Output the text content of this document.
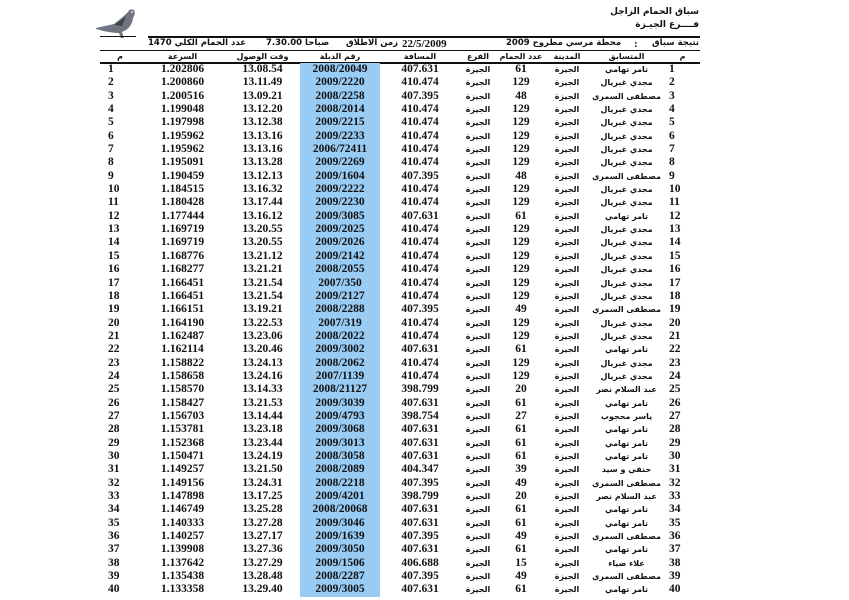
سباق الحمام الزاجل
فــــرع الجيـزة
نتيجة سباق
:
محطة مرسي مطروح 2009
22/5/2009
زمن الاطلاق
7.30.00 صباحا
عدد الحمام الكلي 1470
م	السرعة	وقت الوصول	رقم الدبلة	المسافة	الفرع	عدد الحمام	المدينة	المتسابق	م
1	1.202806	13.08.54	2008/20049	407.631	الجيزة	61	الجيزة	تامر تهامي	1
2	1.200860	13.11.49	2009/2220	410.474	الجيزة	129	الجيزة	مجدي غبريال	2
3	1.200516	13.09.21	2008/2258	407.395	الجيزة	48	الجيزة	مصطفى السمري 3
4	1.199048	13.12.20	2008/2014	410.474	الجيزة	129	الجيزة	مجدي غبريال	4
5	1.197998	13.12.38	2009/2215	410.474	الجيزة	129	الجيزة	مجدي غبريال	5
6	1.195962	13.13.16	2009/2233	410.474	الجيزة	129	الجيزة	مجدي غبريال	6
7	1.195962	13.13.16	2006/72411	410.474	الجيزة	129	الجيزة	مجدي غبريال	7
8	1.195091	13.13.28	2009/2269	410.474	الجيزة	129	الجيزة	مجدي غبريال	8
9	1.190459	13.12.13	2009/1604	407.395	الجيزة	48	الجيزة	مصطفى السمري 9
10	1.184515	13.16.32	2009/2222	410.474	الجيزة	129	الجيزة	مجدي غبريال	10
11	1.180428	13.17.44	2009/2230	410.474	الجيزة	129	الجيزة	مجدي غبريال	11
12	1.177444	13.16.12	2009/3085	407.631	الجيزة	61	الجيزة	تامر تهامي	12
13	1.169719	13.20.55	2009/2025	410.474	الجيزة	129	الجيزة	مجدي غبريال	13
14	1.169719	13.20.55	2009/2026	410.474	الجيزة	129	الجيزة	مجدي غبريال	14
15	1.168776	13.21.12	2009/2142	410.474	الجيزة	129	الجيزة	مجدي غبريال	15
16	1.168277	13.21.21	2008/2055	410.474	الجيزة	129	الجيزة	مجدي غبريال	16
17	1.166451	13.21.54	2007/350	410.474	الجيزة	129	الجيزة	مجدي غبريال	17
18	1.166451	13.21.54	2009/2127	410.474	الجيزة	129	الجيزة	مجدي غبريال	18
19	1.166151	13.19.21	2008/2288	407.395	الجيزة	49	الجيزة	مصطفى السمري 19
20	1.164190	13.22.53	2007/319	410.474	الجيزة	129	الجيزة	مجدي غبريال	20
21	1.162487	13.23.06	2008/2022	410.474	الجيزة	129	الجيزة	مجدي غبريال	21
22	1.162114	13.20.46	2009/3002	407.631	الجيزة	61	الجيزة	تامر تهامي	22
23	1.158822	13.24.13	2008/2062	410.474	الجيزة	129	الجيزة	مجدي غبريال	23
24	1.158658	13.24.16	2007/1139	410.474	الجيزة	129	الجيزة	مجدي غبريال	24
25	1.158570	13.14.33	2008/21127	398.799	الجيزة	20	الجيزة	عبد السلام نصر	25
26	1.158427	13.21.53	2009/3039	407.631	الجيزة	61	الجيزة	تامر تهامي	26
27	1.156703	13.14.44	2009/4793	398.754	الجيزة	27	الجيزة	ياسر محجوب	27
28	1.153781	13.23.18	2009/3068	407.631	الجيزة	61	الجيزة	تامر تهامي	28
29	1.152368	13.23.44	2009/3013	407.631	الجيزة	61	الجيزة	تامر تهامي	29
30	1.150471	13.24.19	2008/3058	407.631	الجيزة	61	الجيزة	تامر تهامي	30
31	1.149257	13.21.50	2008/2089	404.347	الجيزة	39	الجيزة	حنفي و سيد	31
32	1.149156	13.24.31	2008/2218	407.395	الجيزة	49	الجيزة	مصطفى السمري 32
33	1.147898	13.17.25	2009/4201	398.799	الجيزة	20	الجيزة	عبد السلام نصر	33
34	1.146749	13.25.28	2008/20068	407.631	الجيزة	61	الجيزة	تامر تهامي	34
35	1.140333	13.27.28	2009/3046	407.631	الجيزة	61	الجيزة	تامر تهامي	35
36	1.140257	13.27.17	2009/1639	407.395	الجيزة	49	الجيزة	مصطفى السمري 36
37	1.139908	13.27.36	2009/3050	407.631	الجيزة	61	الجيزة	تامر تهامي	37
38	1.137642	13.27.29	2009/1506	406.688	الجيزة	15	الجيزة	علاء ضياء	38
39	1.135438	13.28.48	2008/2287	407.395	الجيزة	49	الجيزة	مصطفى السمري 39
40	1.133358	13.29.40	2009/3005	407.631	الجيزة	61	الجيزة	تامر تهامي	40
